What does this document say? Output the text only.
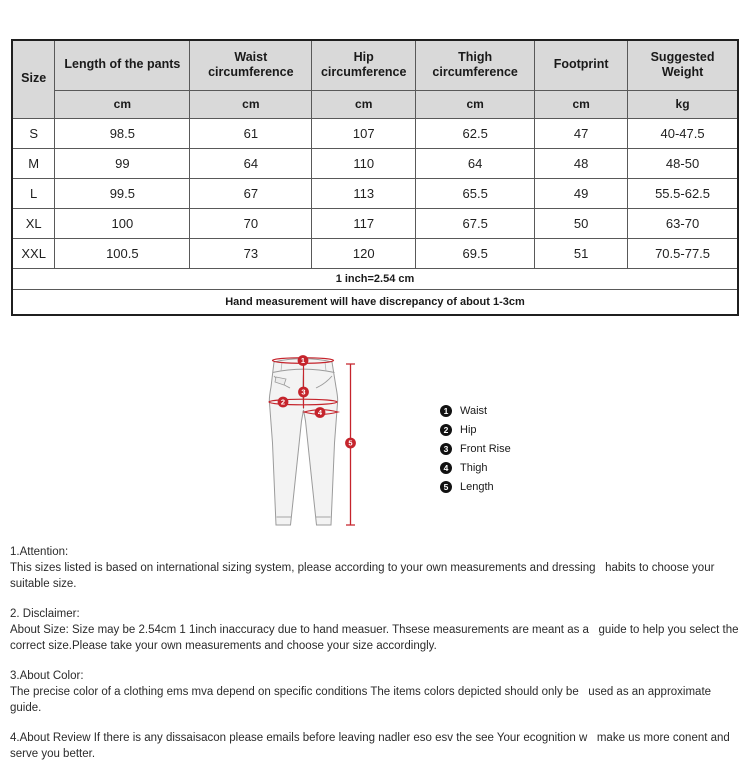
Size	Length of the pants	Waist circumference	Hip circumference	Thigh circumference	Footprint	Suggested Weight
	cm	cm	cm	cm	cm	kg
S	98.5	61	107	62.5	47	40-47.5
M	99	64	110	64	48	48-50
L	99.5	67	113	65.5	49	55.5-62.5
XL	100	70	117	67.5	50	63-70
XXL	100.5	73	120	69.5	51	70.5-77.5
1 inch=2.54 cm						
Hand measurement will have discrepancy of about 1-3cm						
1
2
3
4
5
1	Waist
2	Hip
3	Front Rise
4	Thigh
5	Length

1.Attention:

This sizes listed is based on international sizing system, please according to your own measurements and dressing   habits to choose your suitable size.

2. Disclaimer:

About Size: Size may be 2.54cm 1 1inch inaccuracy due to hand measuer. Thsese measurements are meant as a   guide to help you select the correct size.Please take your own measurements and choose your size accordingly.

3.About Color:

The precise color of a clothing ems mva depend on specific conditions The items colors depicted should only be   used as an approximate guide.

4.About Review If there is any dissaisacon please emails before leaving nadler eso esv the see Your ecognition w   make us more conent and serve you better.
